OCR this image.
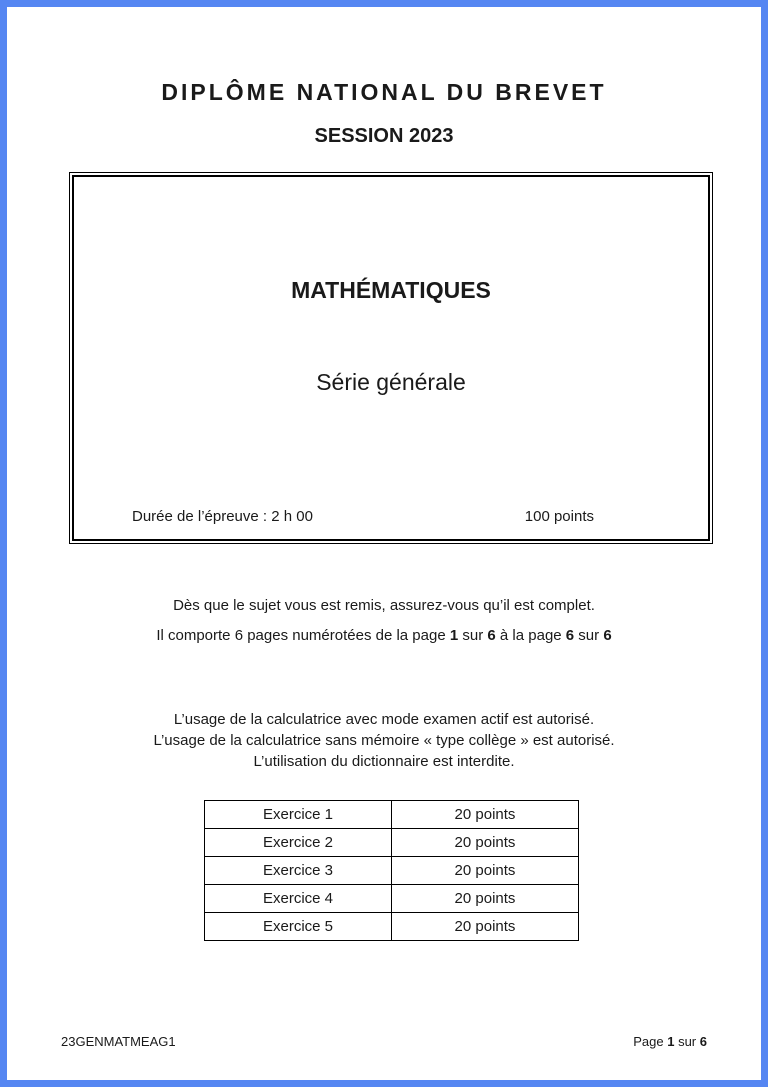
DIPLÔME NATIONAL DU BREVET
SESSION 2023
MATHÉMATIQUES
Série générale
Durée de l’épreuve : 2 h 00	100 points
Dès que le sujet vous est remis, assurez-vous qu’il est complet.
Il comporte 6 pages numérotées de la page 1 sur 6 à la page 6 sur 6
L’usage de la calculatrice avec mode examen actif est autorisé.
L’usage de la calculatrice sans mémoire « type collège » est autorisé.
L’utilisation du dictionnaire est interdite.
Exercice 1	20 points
Exercice 2	20 points
Exercice 3	20 points
Exercice 4	20 points
Exercice 5	20 points
23GENMATMEAG1	Page 1 sur 6
